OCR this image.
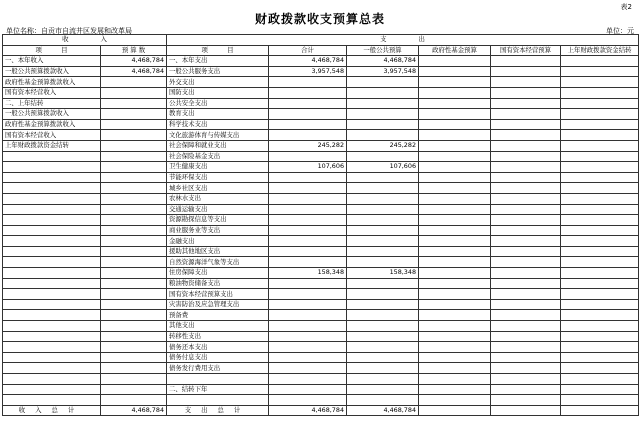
表2
财政拨款收支预算总表
单位名称：自贡市自流井区发展和改革局	单位：元
收　　　　　入		支　　　　　出					
项　　　目	预 算 数	项　　　目	合计	一般公共预算	政府性基金预算	国有资本经营预算	上年财政拨款资金结转
一、本年收入	4,468,784	一、本年支出	4,468,784	4,468,784			
一般公共预算拨款收入	4,468,784	一般公共服务支出	3,957,548	3,957,548			
政府性基金预算拨款收入		外交支出					
国有资本经营收入		国防支出					
二、上年结转		公共安全支出					
一般公共预算拨款收入		教育支出					
政府性基金预算拨款收入		科学技术支出					
国有资本经营收入		文化旅游体育与传媒支出					
上年财政拨款资金结转		社会保障和就业支出	245,282	245,282			
		社会保险基金支出					
		卫生健康支出	107,606	107,606			
		节能环保支出					
		城乡社区支出					
		农林水支出					
		交通运输支出					
		资源勘探信息等支出					
		商业服务业等支出					
		金融支出					
		援助其他地区支出					
		自然资源海洋气象等支出					
		住房保障支出	158,348	158,348			
		粮油物资储备支出					
		国有资本经营预算支出					
		灾害防治及应急管理支出					
		预备费					
		其他支出					
		转移性支出					
		债务还本支出					
		债务付息支出					
		债务发行费用支出					

		二、结转下年					

收入总计	4,468,784	支出总计	4,468,784	4,468,784			
